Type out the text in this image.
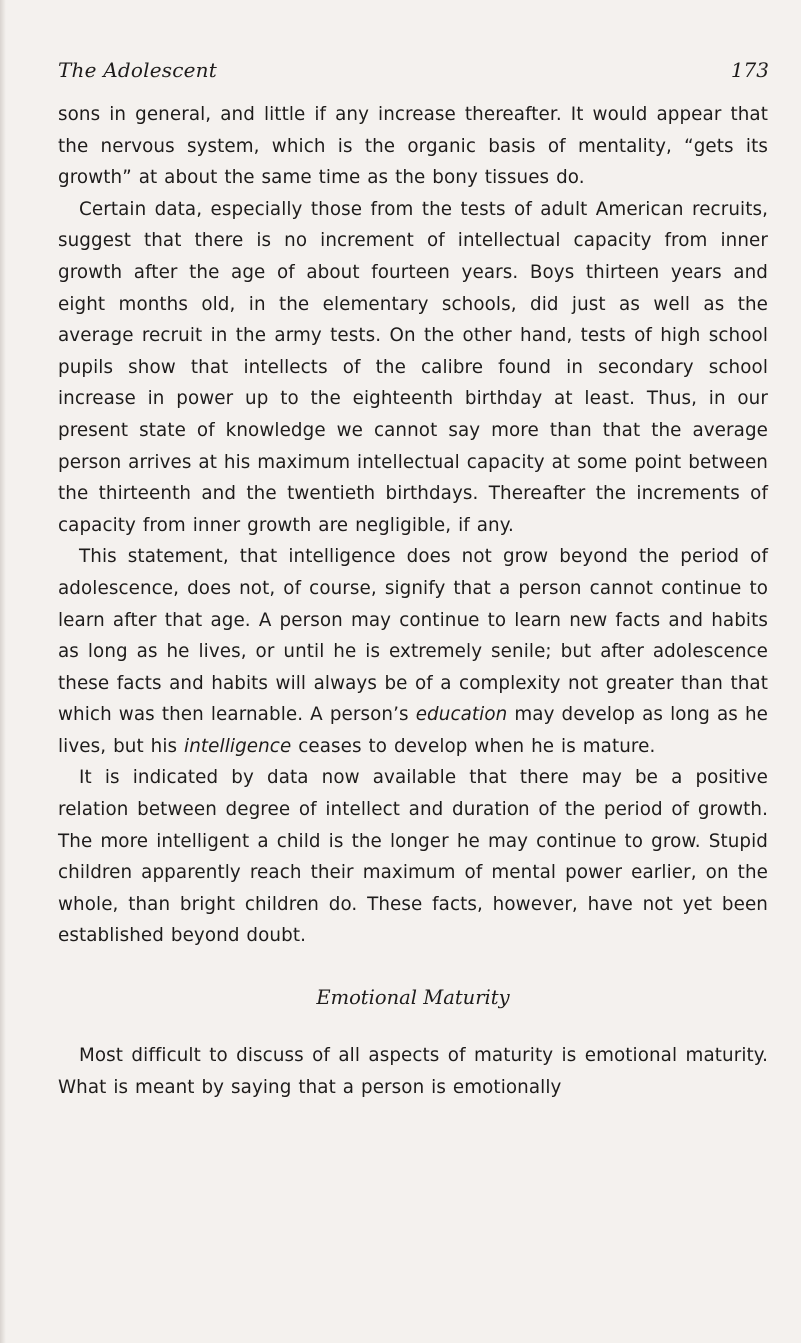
The Adolescent	173

sons in general, and little if any increase thereafter. It would appear that the nervous system, which is the organic basis of mentality, “gets its growth” at about the same time as the bony tissues do.

Certain data, especially those from the tests of adult American recruits, suggest that there is no increment of intellectual capacity from inner growth after the age of about fourteen years. Boys thirteen years and eight months old, in the elementary schools, did just as well as the average recruit in the army tests. On the other hand, tests of high school pupils show that intellects of the calibre found in secondary school increase in power up to the eighteenth birthday at least. Thus, in our present state of knowledge we cannot say more than that the average person arrives at his maximum intellectual capacity at some point between the thirteenth and the twentieth birthdays. Thereafter the increments of capacity from inner growth are negligible, if any.

This statement, that intelligence does not grow beyond the period of adolescence, does not, of course, signify that a person cannot continue to learn after that age. A person may continue to learn new facts and habits as long as he lives, or until he is extremely senile; but after adolescence these facts and habits will always be of a complexity not greater than that which was then learnable. A person’s education may develop as long as he lives, but his intelligence ceases to develop when he is mature.

It is indicated by data now available that there may be a positive relation between degree of intellect and duration of the period of growth. The more intelligent a child is the longer he may continue to grow. Stupid children apparently reach their maximum of mental power earlier, on the whole, than bright children do. These facts, however, have not yet been established beyond doubt.

Emotional Maturity

Most difficult to discuss of all aspects of maturity is emotional maturity. What is meant by saying that a person is emotionally
